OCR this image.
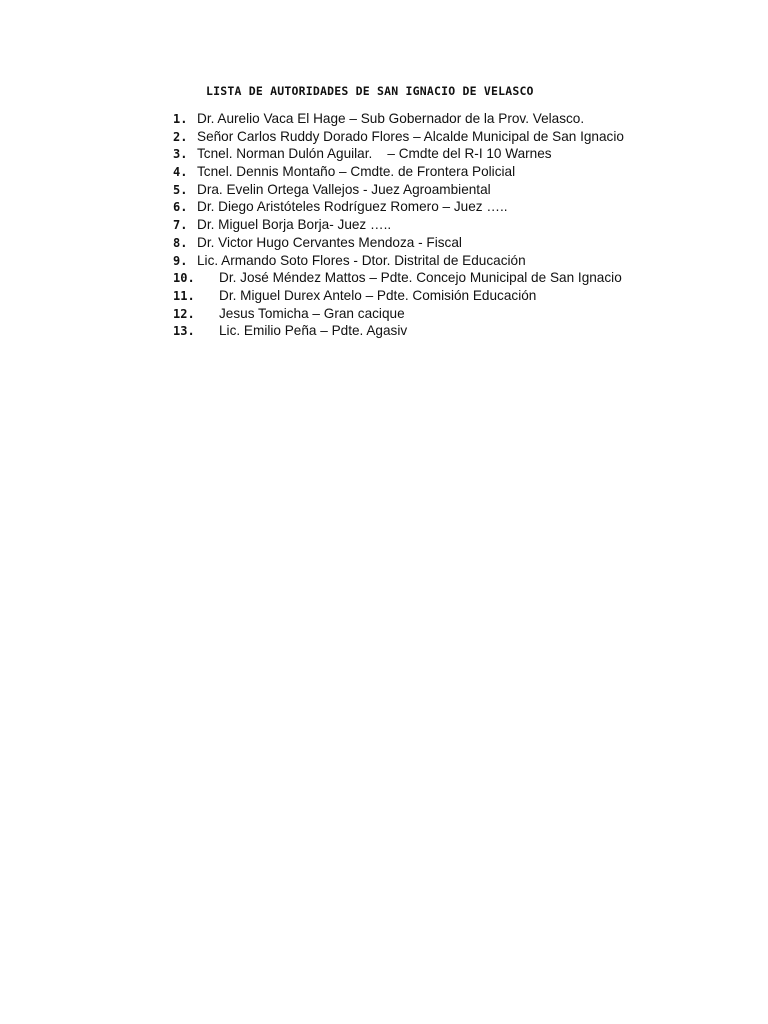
LISTA DE AUTORIDADES DE SAN IGNACIO DE VELASCO
1. Dr. Aurelio Vaca El Hage – Sub Gobernador de la Prov. Velasco.
2. Señor Carlos Ruddy Dorado Flores – Alcalde Municipal de San Ignacio
3. Tcnel. Norman Dulón Aguilar.    – Cmdte del R-I 10 Warnes
4. Tcnel. Dennis Montaño – Cmdte. de Frontera Policial
5. Dra. Evelin Ortega Vallejos - Juez Agroambiental
6. Dr. Diego Aristóteles Rodríguez Romero – Juez …..
7. Dr. Miguel Borja Borja- Juez …..
8. Dr. Victor Hugo Cervantes Mendoza - Fiscal
9. Lic. Armando Soto Flores - Dtor. Distrital de Educación
10. Dr. José Méndez Mattos – Pdte. Concejo Municipal de San Ignacio
11. Dr. Miguel Durex Antelo – Pdte. Comisión Educación
12. Jesus Tomicha – Gran cacique
13. Lic. Emilio Peña – Pdte. Agasiv
